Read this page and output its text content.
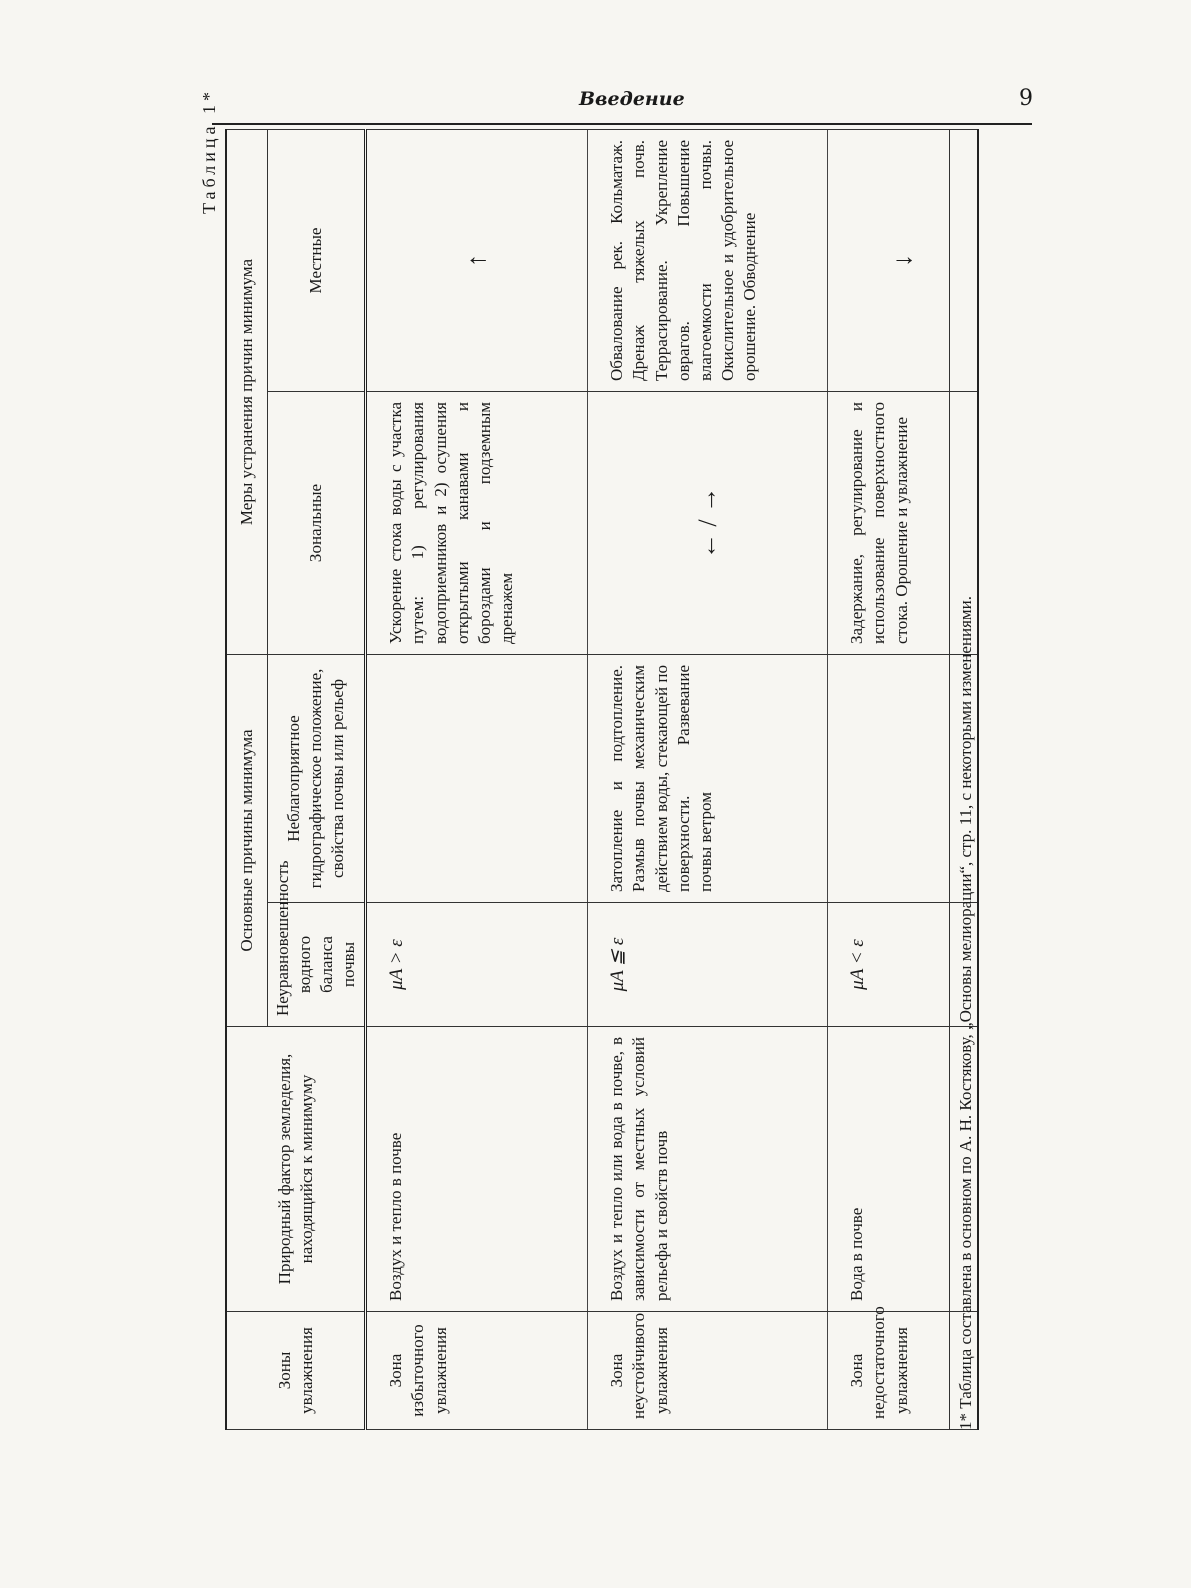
Введение	9
Таблица 1*
Зоны увлажнения	Природный фактор земледелия, находящийся к минимуму	Основные причины минимума		Меры устранения причин минимума	
		Неуравновешенность водного баланса почвы	Неблагоприятное гидрографическое положение, свойства почвы или рельеф	Зональные	Местные
Зона избыточного увлажнения	Воздух и тепло в почве	μA > ε		Ускорение стока воды с участка путем: 1) регулирования водоприемников и 2) осушения открытыми канавами и бороздами и подземным дренажем	↑
Зона неустойчивого увлажнения	Воздух и тепло или вода в почве, в зависимости от местных условий рельефа и свойств почв	μA ≦ ε	Затопление и подтопление. Размыв почвы механическим действием воды, стекающей по поверхности. Развевание почвы ветром	← / →	Обвалование рек. Кольматаж. Дренаж тяжелых почв. Террасирование. Укрепление оврагов. Повышение влагоемкости почвы. Окислительное и удобрительное орошение. Обводнение
Зона недостаточного увлажнения	Вода в почве	μA < ε		Задержание, регулирование и использование поверхностного стока. Орошение и увлажнение	↓
1* Таблица составлена в основном по А. Н. Костякову, „Основы мелиорации“, стр. 11, с некоторыми изменениями.
